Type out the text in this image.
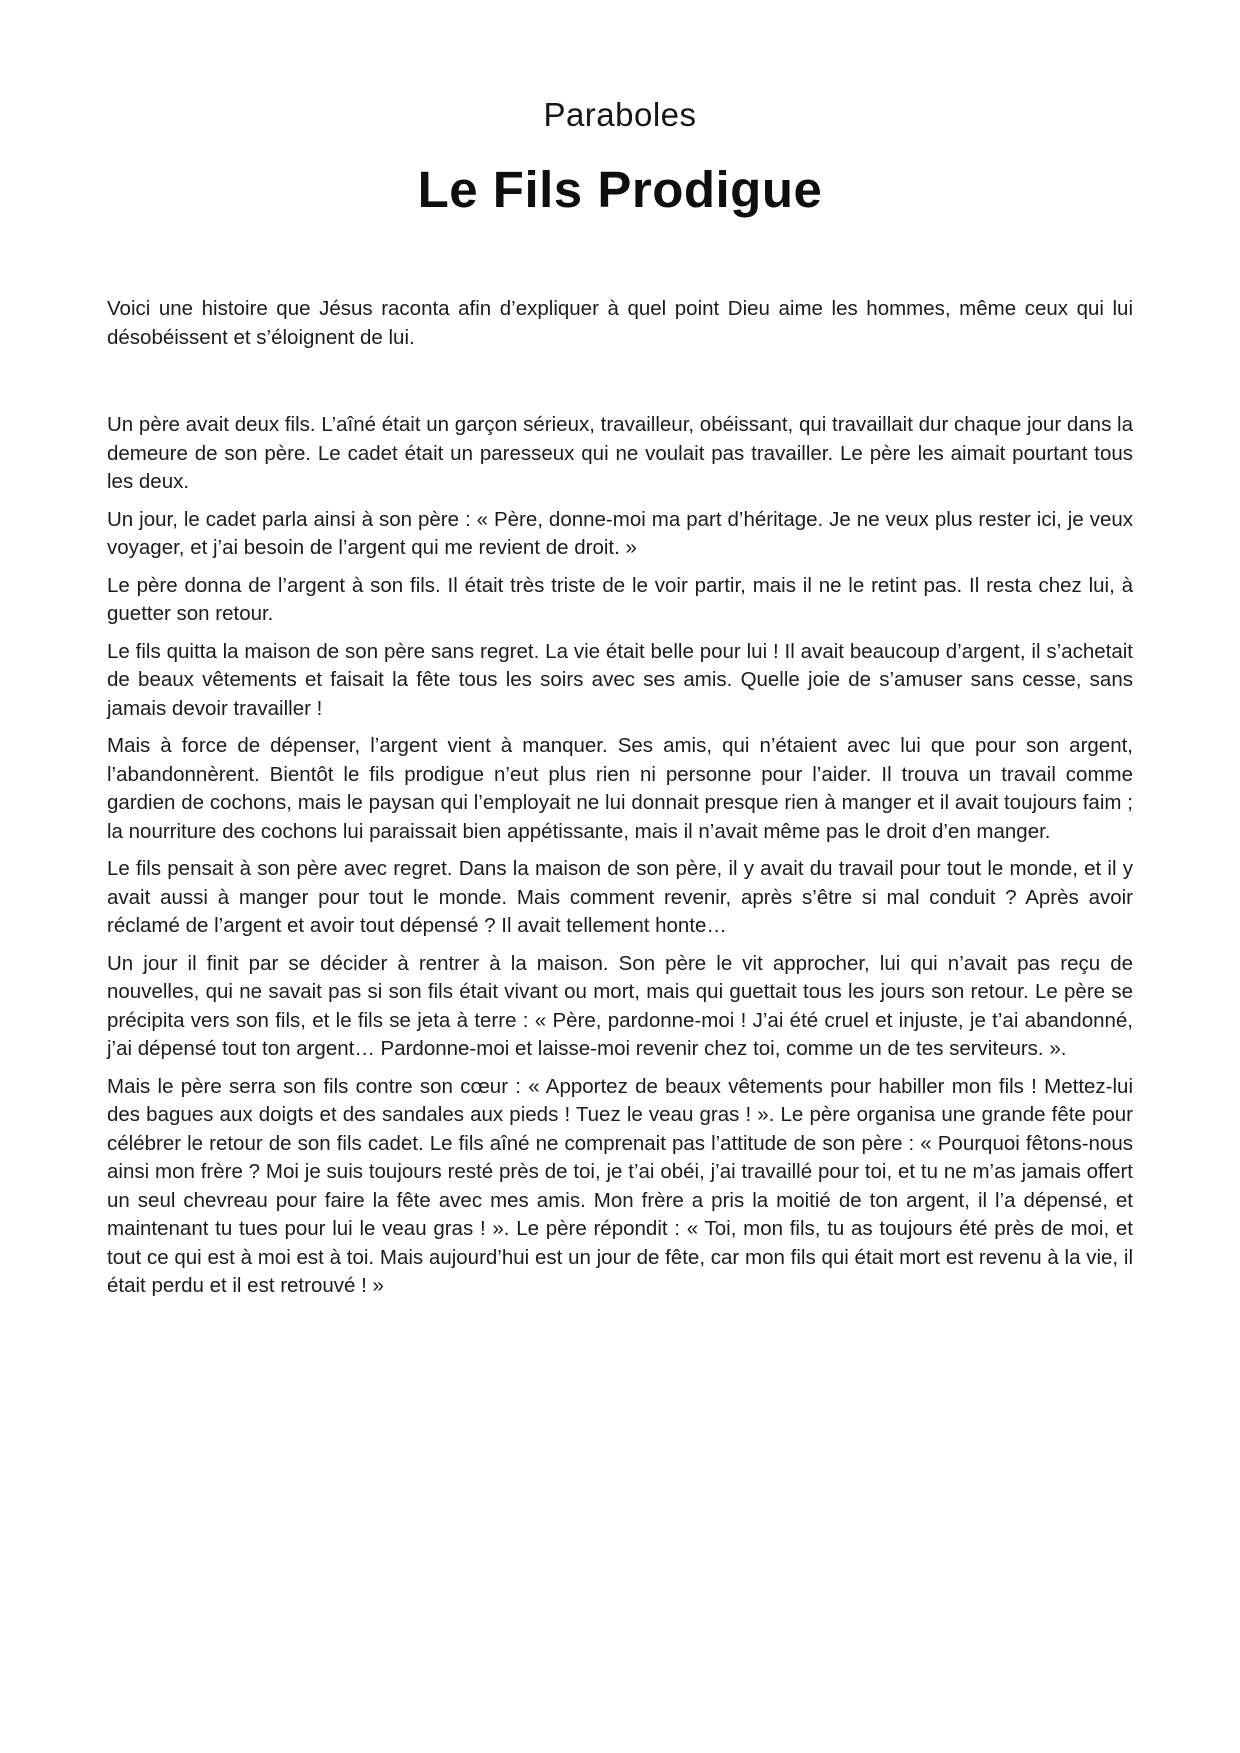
Paraboles
Le Fils Prodigue

Voici une histoire que Jésus raconta afin d’expliquer à quel point Dieu aime les hommes, même ceux qui lui désobéissent et s’éloignent de lui.

Un père avait deux fils. L’aîné était un garçon sérieux, travailleur, obéissant, qui travaillait dur chaque jour dans la demeure de son père. Le cadet était un paresseux qui ne voulait pas travailler. Le père les aimait pourtant tous les deux.

Un jour, le cadet parla ainsi à son père : « Père, donne-moi ma part d’héritage. Je ne veux plus rester ici, je veux voyager, et j’ai besoin de l’argent qui me revient de droit. »

Le père donna de l’argent à son fils. Il était très triste de le voir partir, mais il ne le retint pas. Il resta chez lui, à guetter son retour.

Le fils quitta la maison de son père sans regret. La vie était belle pour lui ! Il avait beaucoup d’argent, il s’achetait de beaux vêtements et faisait la fête tous les soirs avec ses amis. Quelle joie de s’amuser sans cesse, sans jamais devoir travailler !

Mais à force de dépenser, l’argent vient à manquer. Ses amis, qui n’étaient avec lui que pour son argent, l’abandonnèrent. Bientôt le fils prodigue n’eut plus rien ni personne pour l’aider. Il trouva un travail comme gardien de cochons, mais le paysan qui l’employait ne lui donnait presque rien à manger et il avait toujours faim ; la nourriture des cochons lui paraissait bien appétissante, mais il n’avait même pas le droit d’en manger.

Le fils pensait à son père avec regret. Dans la maison de son père, il y avait du travail pour tout le monde, et il y avait aussi à manger pour tout le monde. Mais comment revenir, après s’être si mal conduit ? Après avoir réclamé de l’argent et avoir tout dépensé ? Il avait tellement honte…

Un jour il finit par se décider à rentrer à la maison. Son père le vit approcher, lui qui n’avait pas reçu de nouvelles, qui ne savait pas si son fils était vivant ou mort, mais qui guettait tous les jours son retour. Le père se précipita vers son fils, et le fils se jeta à terre : « Père, pardonne-moi ! J’ai été cruel et injuste, je t’ai abandonné, j’ai dépensé tout ton argent… Pardonne-moi et laisse-moi revenir chez toi, comme un de tes serviteurs. ».

Mais le père serra son fils contre son cœur : « Apportez de beaux vêtements pour habiller mon fils ! Mettez-lui des bagues aux doigts et des sandales aux pieds ! Tuez le veau gras ! ». Le père organisa une grande fête pour célébrer le retour de son fils cadet. Le fils aîné ne comprenait pas l’attitude de son père : « Pourquoi fêtons-nous ainsi mon frère ? Moi je suis toujours resté près de toi, je t’ai obéi, j’ai travaillé pour toi, et tu ne m’as jamais offert un seul chevreau pour faire la fête avec mes amis. Mon frère a pris la moitié de ton argent, il l’a dépensé, et maintenant tu tues pour lui le veau gras ! ». Le père répondit : « Toi, mon fils, tu as toujours été près de moi, et tout ce qui est à moi est à toi. Mais aujourd’hui est un jour de fête, car mon fils qui était mort est revenu à la vie, il était perdu et il est retrouvé ! »
